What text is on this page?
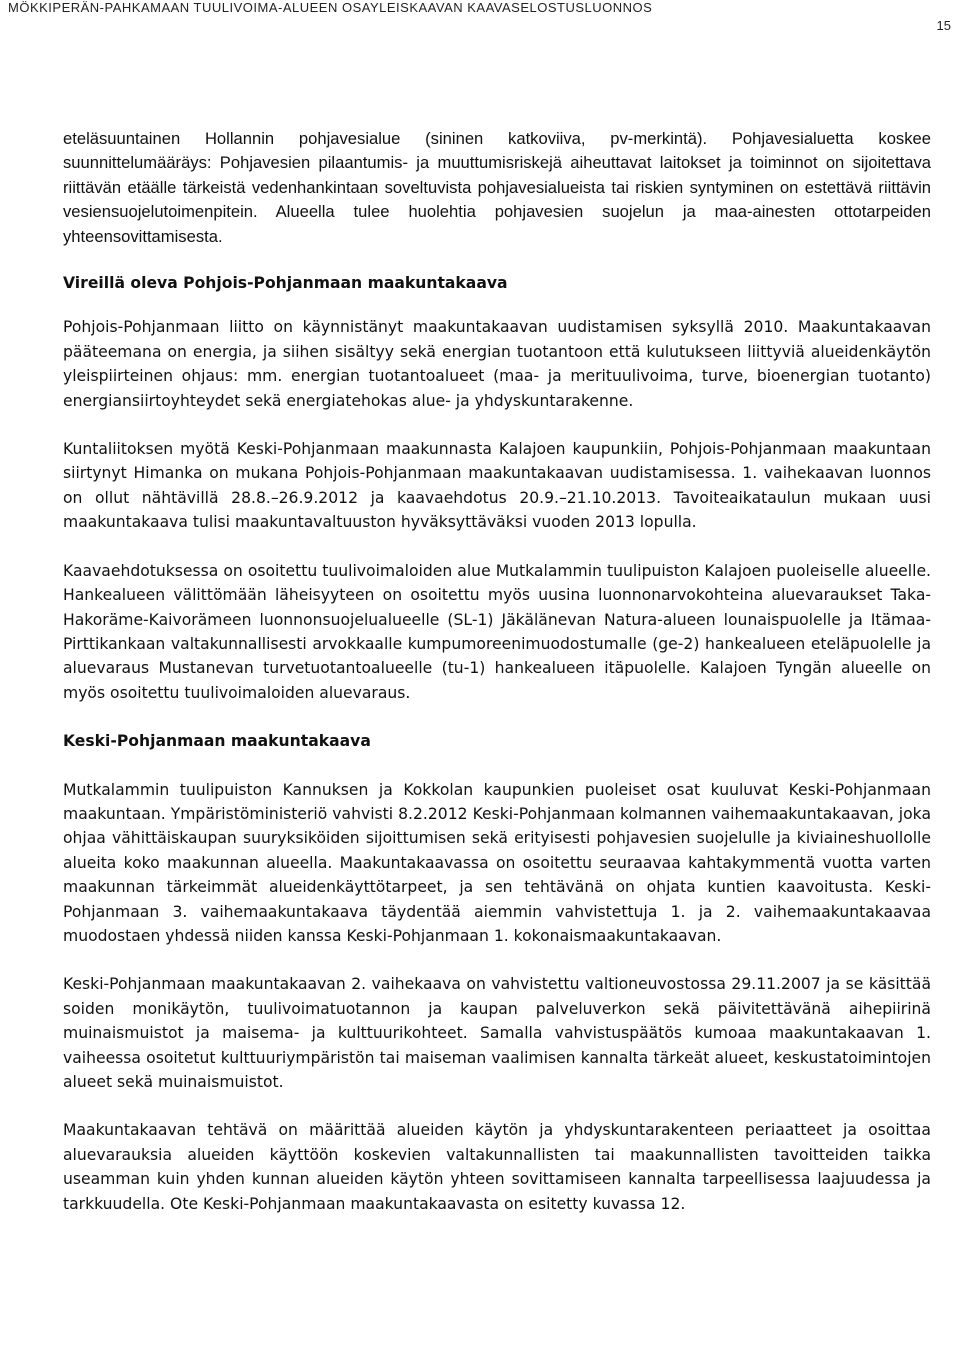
MÖKKIPERÄN-PAHKAMAAN TUULIVOIMA-ALUEEN OSAYLEISKAAVAN KAAVASELOSTUSLUONNOS
15

eteläsuuntainen Hollannin pohjavesialue (sininen katkoviiva, pv-merkintä). Pohjavesialuetta koskee suunnittelumääräys: Pohjavesien pilaantumis- ja muuttumisriskejä aiheuttavat laitokset ja toiminnot on sijoitettava riittävän etäälle tärkeistä vedenhankintaan soveltuvista pohjavesialueista tai riskien syntyminen on estettävä riittävin vesiensuojelutoimenpitein. Alueella tulee huolehtia pohjavesien suojelun ja maa-ainesten ottotarpeiden yhteensovittamisesta.

Vireillä oleva Pohjois-Pohjanmaan maakuntakaava

Pohjois-Pohjanmaan liitto on käynnistänyt maakuntakaavan uudistamisen syksyllä 2010. Maakuntakaavan pääteemana on energia, ja siihen sisältyy sekä energian tuotantoon että kulutukseen liittyviä alueidenkäytön yleispiirteinen ohjaus: mm. energian tuotantoalueet (maa- ja merituulivoima, turve, bioenergian tuotanto) energiansiirtoyhteydet sekä energiatehokas alue- ja yhdyskuntarakenne.

Kuntaliitoksen myötä Keski-Pohjanmaan maakunnasta Kalajoen kaupunkiin, Pohjois-Pohjanmaan maakuntaan siirtynyt Himanka on mukana Pohjois-Pohjanmaan maakuntakaavan uudistamisessa. 1. vaihekaavan luonnos on ollut nähtävillä 28.8.–26.9.2012 ja kaavaehdotus 20.9.–21.10.2013. Tavoiteaikataulun mukaan uusi maakuntakaava tulisi maakuntavaltuuston hyväksyttäväksi vuoden 2013 lopulla.

Kaavaehdotuksessa on osoitettu tuulivoimaloiden alue Mutkalammin tuulipuiston Kalajoen puoleiselle alueelle. Hankealueen välittömään läheisyyteen on osoitettu myös uusina luonnonarvokohteina aluevaraukset Taka-Hakorämе-Kaivorämeen luonnonsuojelualueelle (SL-1) Jäkälänevan Natura-alueen lounaispuolelle ja Itämaa-Pirttikankaan valtakunnallisesti arvokkaalle kumpumoreenimuodostumalle (ge-2) hankealueen eteläpuolelle ja aluevaraus Mustanevan turvetuotantoalueelle (tu-1) hankealueen itäpuolelle. Kalajoen Tyngän alueelle on myös osoitettu tuulivoimaloiden aluevaraus.

Keski-Pohjanmaan maakuntakaava

Mutkalammin tuulipuiston Kannuksen ja Kokkolan kaupunkien puoleiset osat kuuluvat Keski-Pohjanmaan maakuntaan. Ympäristöministeriö vahvisti 8.2.2012 Keski-Pohjanmaan kolmannen vaihemaakuntakaavan, joka ohjaa vähittäiskaupan suuryksiköiden sijoittumisen sekä erityisesti pohjavesien suojelulle ja kiviaineshuollolle alueita koko maakunnan alueella. Maakuntakaavassa on osoitettu seuraavaa kahtakymmentä vuotta varten maakunnan tärkeimmät alueidenkäyttötarpeet, ja sen tehtävänä on ohjata kuntien kaavoitusta. Keski-Pohjanmaan 3. vaihemaakuntakaava täydentää aiemmin vahvistettuja 1. ja 2. vaihemaakuntakaavaa muodostaen yhdessä niiden kanssa Keski-Pohjanmaan 1. kokonaismaakuntakaavan.

Keski-Pohjanmaan maakuntakaavan 2. vaihekaava on vahvistettu valtioneuvostossa 29.11.2007 ja se käsittää soiden monikäytön, tuulivoimatuotannon ja kaupan palveluverkon sekä päivitettävänä aihepiirinä muinaismuistot ja maisema- ja kulttuurikohteet. Samalla vahvistuspäätös kumoaa maakuntakaavan 1. vaiheessa osoitetut kulttuuriympäristön tai maiseman vaalimisen kannalta tärkeät alueet, keskustatoimintojen alueet sekä muinaismuistot.

Maakuntakaavan tehtävä on määrittää alueiden käytön ja yhdyskuntarakenteen periaatteet ja osoittaa aluevarauksia alueiden käyttöön koskevien valtakunnallisten tai maakunnallisten tavoitteiden taikka useamman kuin yhden kunnan alueiden käytön yhteen sovittamiseen kannalta tarpeellisessa laajuudessa ja tarkkuudella. Ote Keski-Pohjanmaan maakuntakaavasta on esitetty kuvassa 12.
